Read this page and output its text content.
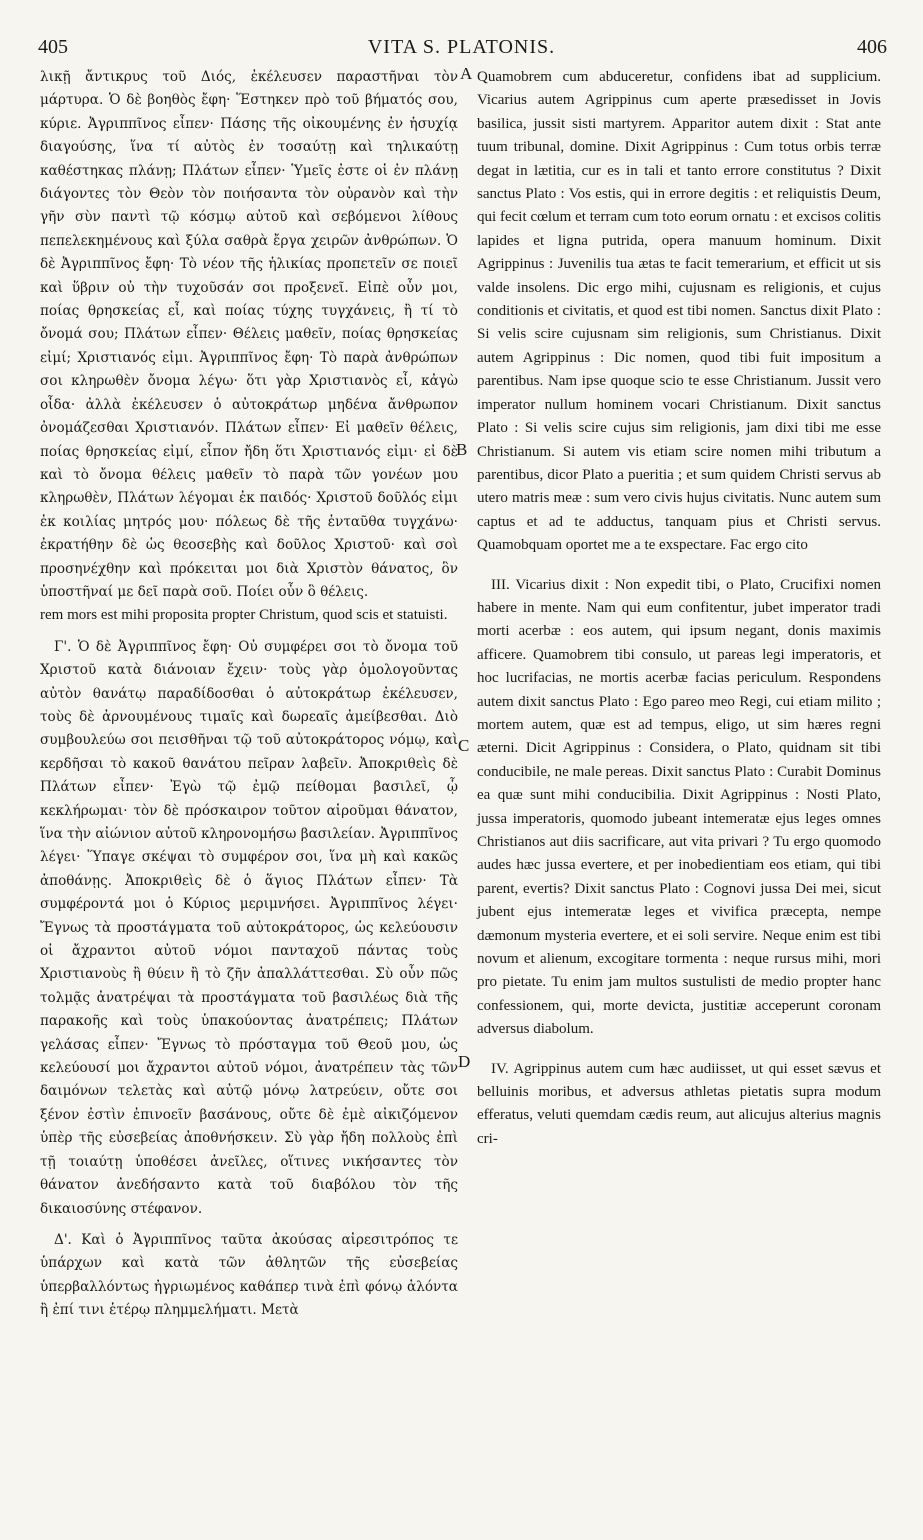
405	VITA S. PLATONIS.	406
A
B
C
D

λικῇ ἄντικρυς τοῦ Διός, ἐκέλευσεν παραστῆναι τὸν μάρτυρα. Ὁ δὲ βοηθὸς ἔφη· Ἕστηκεν πρὸ τοῦ βήματός σου, κύριε. Ἀγριππῖνος εἶπεν· Πάσης τῆς οἰκουμένης ἐν ἡσυχίᾳ διαγούσης, ἵνα τί αὐτὸς ἐν τοσαύτῃ καὶ τηλικαύτῃ καθέστηκας πλάνῃ; Πλάτων εἶπεν· Ὑμεῖς ἐστε οἱ ἐν πλάνῃ διάγοντες τὸν Θεὸν τὸν ποιήσαντα τὸν οὐρανὸν καὶ τὴν γῆν σὺν παντὶ τῷ κόσμῳ αὐτοῦ καὶ σεβόμενοι λίθους πεπελεκημένους καὶ ξύλα σαθρὰ ἔργα χειρῶν ἀνθρώπων. Ὁ δὲ Ἀγριππῖνος ἔφη· Τὸ νέον τῆς ἡλικίας προπετεῖν σε ποιεῖ καὶ ὕβριν οὐ τὴν τυχοῦσάν σοι προξενεῖ. Εἰπὲ οὖν μοι, ποίας θρησκείας εἶ, καὶ ποίας τύχης τυγχάνεις, ἢ τί τὸ ὄνομά σου; Πλάτων εἶπεν· Θέλεις μαθεῖν, ποίας θρησκείας εἰμί; Χριστιανός εἰμι. Ἀγριππῖνος ἔφη· Τὸ παρὰ ἀνθρώπων σοι κληρωθὲν ὄνομα λέγω· ὅτι γὰρ Χριστιανὸς εἶ, κἀγὼ οἶδα· ἀλλὰ ἐκέλευσεν ὁ αὐτοκράτωρ μηδένα ἄνθρωπον ὀνομάζεσθαι Χριστιανόν. Πλάτων εἶπεν· Εἰ μαθεῖν θέλεις, ποίας θρησκείας εἰμί, εἶπον ἤδη ὅτι Χριστιανός εἰμι· εἰ δὲ καὶ τὸ ὄνομα θέλεις μαθεῖν τὸ παρὰ τῶν γονέων μου κληρωθὲν, Πλάτων λέγομαι ἐκ παιδός· Χριστοῦ δοῦλός εἰμι ἐκ κοιλίας μητρός μου· πόλεως δὲ τῆς ἐνταῦθα τυγχάνω· ἐκρατήθην δὲ ὡς θεοσεβὴς καὶ δοῦλος Χριστοῦ· καὶ σοὶ προσηνέχθην καὶ πρόκειται μοι διὰ Χριστὸν θάνατος, ὃν ὑποστῆναί με δεῖ παρὰ σοῦ. Ποίει οὖν ὃ θέλεις.

rem mors est mihi proposita propter Christum, quod scis et statuisti.

Γ'. Ὁ δὲ Ἀγριππῖνος ἔφη· Οὐ συμφέρει σοι τὸ ὄνομα τοῦ Χριστοῦ κατὰ διάνοιαν ἔχειν· τοὺς γὰρ ὁμολογοῦντας αὐτὸν θανάτῳ παραδίδοσθαι ὁ αὐτοκράτωρ ἐκέλευσεν, τοὺς δὲ ἀρνουμένους τιμαῖς καὶ δωρεαῖς ἀμείβεσθαι. Διὸ συμβουλεύω σοι πεισθῆναι τῷ τοῦ αὐτοκράτορος νόμῳ, καὶ κερδῆσαι τὸ κακοῦ θανάτου πεῖραν λαβεῖν. Ἀποκριθεὶς δὲ Πλάτων εἶπεν· Ἐγὼ τῷ ἐμῷ πείθομαι βασιλεῖ, ᾧ κεκλήρωμαι· τὸν δὲ πρόσκαιρον τοῦτον αἱροῦμαι θάνατον, ἵνα τὴν αἰώνιον αὐτοῦ κληρονομήσω βασιλείαν. Ἀγριππῖνος λέγει· Ὕπαγε σκέψαι τὸ συμφέρον σοι, ἵνα μὴ καὶ κακῶς ἀποθάνῃς. Ἀποκριθεὶς δὲ ὁ ἅγιος Πλάτων εἶπεν· Τὰ συμφέροντά μοι ὁ Κύριος μεριμνήσει. Ἀγριππῖνος λέγει· Ἔγνως τὰ προστάγματα τοῦ αὐτοκράτορος, ὡς κελεύουσιν οἱ ἄχραντοι αὐτοῦ νόμοι πανταχοῦ πάντας τοὺς Χριστιανοὺς ἢ θύειν ἢ τὸ ζῆν ἀπαλλάττεσθαι. Σὺ οὖν πῶς τολμᾷς ἀνατρέψαι τὰ προστάγματα τοῦ βασιλέως διὰ τῆς παρακοῆς καὶ τοὺς ὑπακούοντας ἀνατρέπεις; Πλάτων γελάσας εἶπεν· Ἔγνως τὸ πρόσταγμα τοῦ Θεοῦ μου, ὡς κελεύουσί μοι ἄχραντοι αὐτοῦ νόμοι, ἀνατρέπειν τὰς τῶν δαιμόνων τελετὰς καὶ αὐτῷ μόνῳ λατρεύειν, οὔτε σοι ξένον ἐστὶν ἐπινοεῖν βασάνους, οὔτε δὲ ἐμὲ αἰκιζόμενον ὑπὲρ τῆς εὐσεβείας ἀποθνήσκειν. Σὺ γὰρ ἤδη πολλοὺς ἐπὶ τῇ τοιαύτῃ ὑποθέσει ἀνεῖλες, οἵτινες νικήσαντες τὸν θάνατον ἀνεδήσαντο κατὰ τοῦ διαβόλου τὸν τῆς δικαιοσύνης στέφανον.

Δ'. Καὶ ὁ Ἀγριππῖνος ταῦτα ἀκούσας αἰρεσιτρόπος τε ὑπάρχων καὶ κατὰ τῶν ἀθλητῶν τῆς εὐσεβείας ὑπερβαλλόντως ἠγριωμένος καθάπερ τινὰ ἐπὶ φόνῳ ἁλόντα ἢ ἐπί τινι ἑτέρῳ πλημμελήματι. Μετὰ

Quamobrem cum abduceretur, confidens ibat ad supplicium. Vicarius autem Agrippinus cum aperte præsedisset in Jovis basilica, jussit sisti martyrem. Apparitor autem dixit : Stat ante tuum tribunal, domine. Dixit Agrippinus : Cum totus orbis terræ degat in lætitia, cur es in tali et tanto errore constitutus ? Dixit sanctus Plato : Vos estis, qui in errore degitis : et reliquistis Deum, qui fecit cœlum et terram cum toto eorum ornatu : et excisos colitis lapides et ligna putrida, opera manuum hominum. Dixit Agrippinus : Juvenilis tua ætas te facit temerarium, et efficit ut sis valde insolens. Dic ergo mihi, cujusnam es religionis, et cujus conditionis et civitatis, et quod est tibi nomen. Sanctus dixit Plato : Si velis scire cujusnam sim religionis, sum Christianus. Dixit autem Agrippinus : Dic nomen, quod tibi fuit impositum a parentibus. Nam ipse quoque scio te esse Christianum. Jussit vero imperator nullum hominem vocari Christianum. Dixit sanctus Plato : Si velis scire cujus sim religionis, jam dixi tibi me esse Christianum. Si autem vis etiam scire nomen mihi tributum a parentibus, dicor Plato a pueritia ; et sum quidem Christi servus ab utero matris meæ : sum vero civis hujus civitatis. Nunc autem sum captus et ad te adductus, tanquam pius et Christi servus. Quamobquam oportet me a te exspectare. Fac ergo cito

III. Vicarius dixit : Non expedit tibi, o Plato, Crucifixi nomen habere in mente. Nam qui eum confitentur, jubet imperator tradi morti acerbæ : eos autem, qui ipsum negant, donis maximis afficere. Quamobrem tibi consulo, ut pareas legi imperatoris, et hoc lucrifacias, ne mortis acerbæ facias periculum. Respondens autem dixit sanctus Plato : Ego pareo meo Regi, cui etiam milito ; mortem autem, quæ est ad tempus, eligo, ut sim hæres regni æterni. Dicit Agrippinus : Considera, o Plato, quidnam sit tibi conducibile, ne male pereas. Dixit sanctus Plato : Curabit Dominus ea quæ sunt mihi conducibilia. Dixit Agrippinus : Nosti Plato, jussa imperatoris, quomodo jubeant intemeratæ ejus leges omnes Christianos aut diis sacrificare, aut vita privari ? Tu ergo quomodo audes hæc jussa evertere, et per inobedientiam eos etiam, qui tibi parent, evertis? Dixit sanctus Plato : Cognovi jussa Dei mei, sicut jubent ejus intemeratæ leges et vivifica præcepta, nempe dæmonum mysteria evertere, et ei soli servire. Neque enim est tibi novum et alienum, excogitare tormenta : neque rursus mihi, mori pro pietate. Tu enim jam multos sustulisti de medio propter hanc confessionem, qui, morte devicta, justitiæ acceperunt coronam adversus diabolum.

IV. Agrippinus autem cum hæc audiisset, ut qui esset sævus et belluinis moribus, et adversus athletas pietatis supra modum efferatus, veluti quemdam cædis reum, aut alicujus alterius magnis cri-
